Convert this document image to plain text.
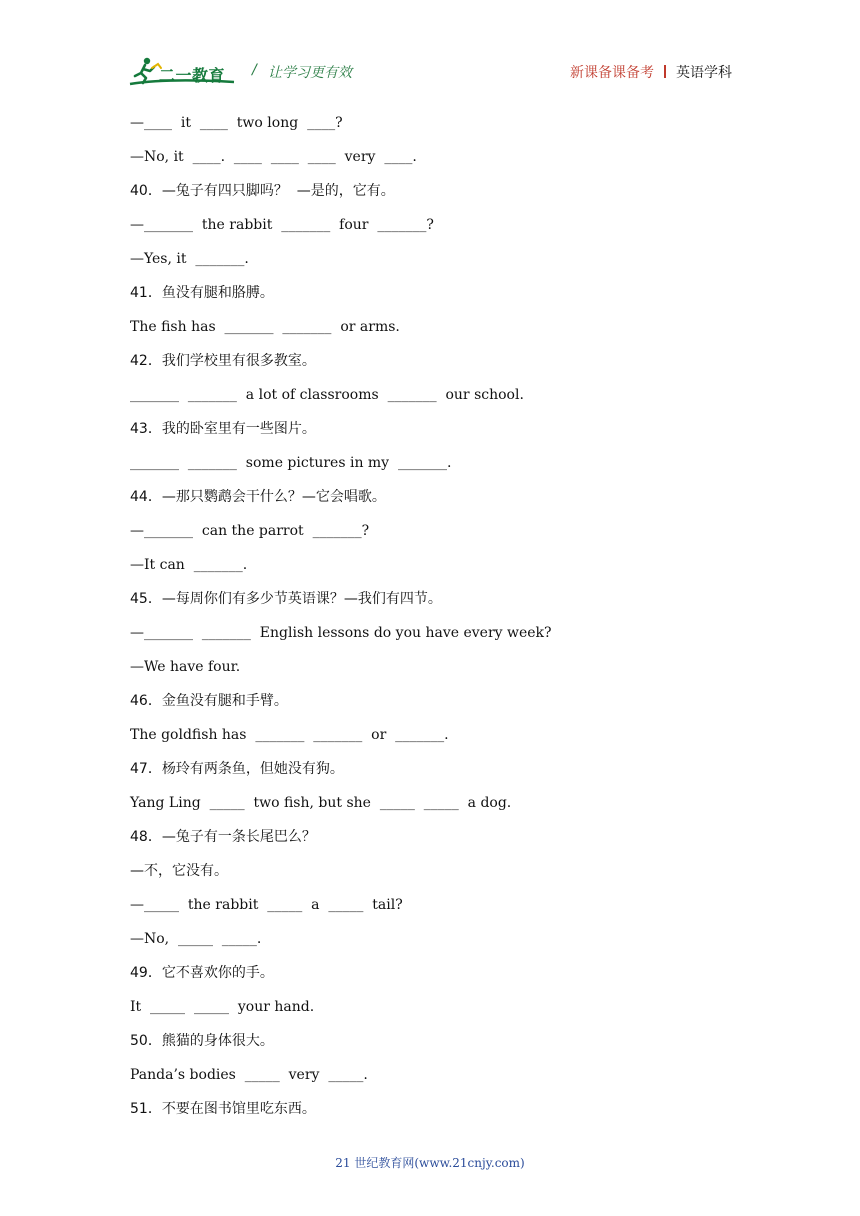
二一教育 / 让学习更有效	新课备课备考 英语学科
—____  it  ____  two long  ____?
—No, it  ____.  ____  ____  ____  very  ____.
40．—兔子有四只脚吗？  —是的，它有。
—_______  the rabbit  _______  four  _______?
—Yes, it  _______.
41．鱼没有腿和胳膊。
The fish has  _______  _______  or arms.
42．我们学校里有很多教室。
_______  _______  a lot of classrooms  _______  our school.
43．我的卧室里有一些图片。
_______  _______  some pictures in my  _______.
44．—那只鹦鹉会干什么？—它会唱歌。
—_______  can the parrot  _______?
—It can  _______.
45．—每周你们有多少节英语课？—我们有四节。
—_______  _______  English lessons do you have every week?
—We have four.
46．金鱼没有腿和手臂。
The goldfish has  _______  _______  or  _______.
47．杨玲有两条鱼，但她没有狗。
Yang Ling  _____  two fish, but she  _____  _____  a dog.
48．—兔子有一条长尾巴么？
—不，它没有。
—_____  the rabbit  _____  a  _____  tail?
—No,  _____  _____.
49．它不喜欢你的手。
It  _____  _____  your hand.
50．熊猫的身体很大。
Panda’s bodies  _____  very  _____.
51．不要在图书馆里吃东西。
21 世纪教育网(www.21cnjy.com)
